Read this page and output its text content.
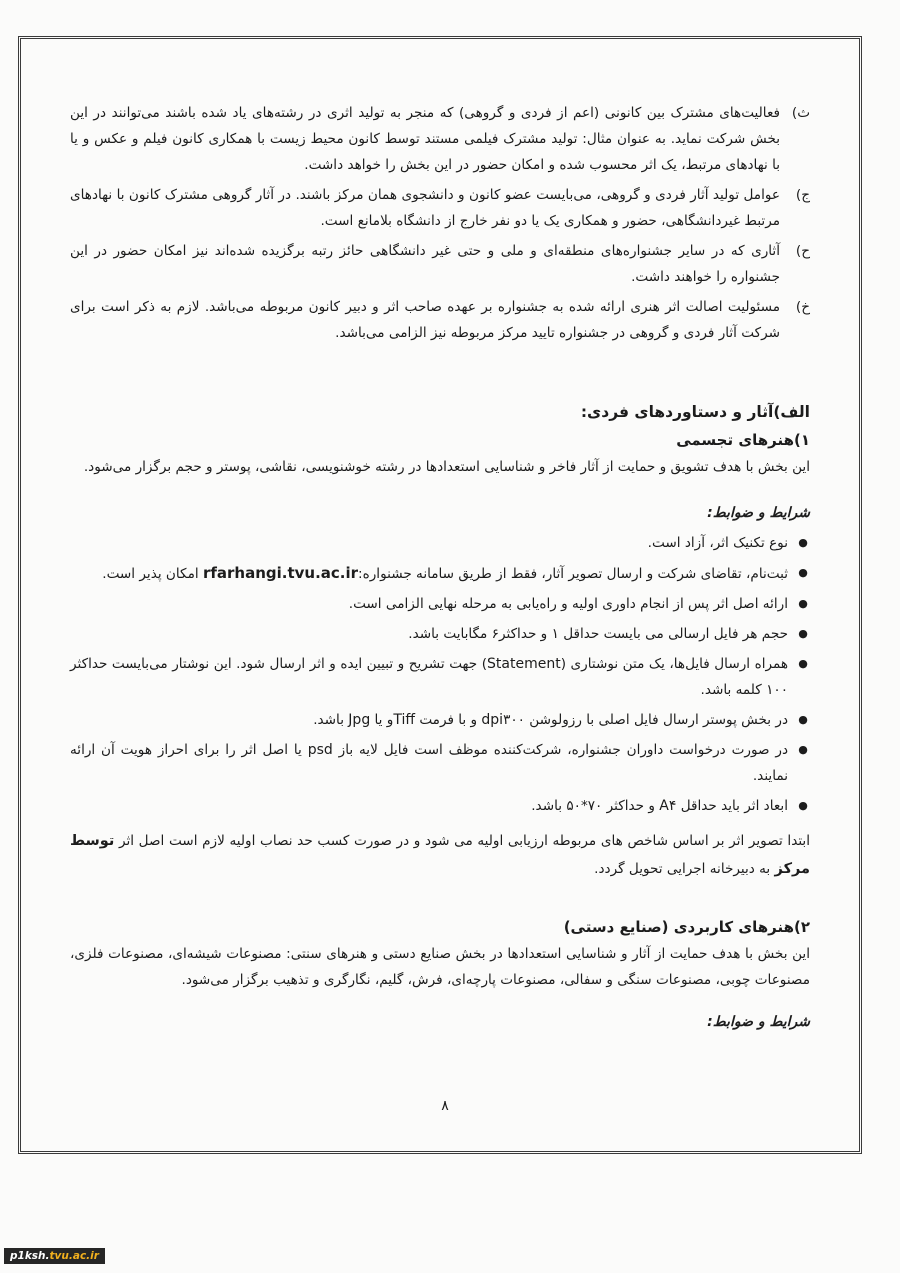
ث)
فعالیت‌های مشترک بین کانونی (اعم از فردی و گروهی) که منجر به تولید اثری در رشته‌های یاد شده باشند می‌توانند در این بخش شرکت نماید. به عنوان مثال: تولید مشترک فیلمی مستند توسط کانون محیط زیست با همکاری کانون فیلم و عکس و یا با نهادهای مرتبط، یک اثر محسوب شده و امکان حضور در این بخش را خواهد داشت.

ج)
عوامل تولید آثار فردی و گروهی، می‌بایست عضو کانون و دانشجوی همان مرکز باشند. در آثار گروهی مشترک کانون با نهادهای مرتبط غیردانشگاهی، حضور و همکاری یک یا دو نفر خارج از دانشگاه بلامانع است.

ح)
آثاری که در سایر جشنواره‌های منطقه‌ای و ملی و حتی غیر دانشگاهی حائز رتبه برگزیده شده‌اند نیز امکان حضور در این جشنواره را خواهند داشت.

خ)
مسئولیت اصالت اثر هنری ارائه شده به جشنواره بر عهده صاحب اثر و دبیر کانون مربوطه می‌باشد. لازم به ذکر است برای شرکت آثار فردی و گروهی در جشنواره تایید مرکز مربوطه نیز الزامی می‌باشد.

الف)آثار و دستاوردهای فردی:

۱)هنرهای تجسمی

این بخش با هدف تشویق و حمایت از آثار فاخر و شناسایی استعدادها در رشته خوشنویسی، نقاشی، پوستر و حجم برگزار می‌شود.

شرایط و ضوابط:

●
نوع تکنیک اثر، آزاد است.
●
ثبت‌نام، تقاضای شرکت و ارسال تصویر آثار، فقط از طریق سامانه جشنواره:rfarhangi.tvu.ac.ir امکان پذیر است.
●
ارائه اصل اثر پس از انجام داوری اولیه و راه‌یابی به مرحله نهایی الزامی است.
●
حجم هر فایل ارسالی می بایست حداقل ۱ و حداکثر۶ مگابایت باشد.
●
همراه ارسال فایل‌ها، یک متن نوشتاری (Statement) جهت تشریح و تبیین ایده و اثر ارسال شود. این نوشتار می‌بایست حداکثر ۱۰۰ کلمه باشد.
●
در بخش پوستر ارسال فایل اصلی با رزولوشن ۳۰۰dpi و با فرمت Tiffو یا Jpg باشد.
●
در صورت درخواست داوران جشنواره، شرکت‌کننده موظف است فایل لایه باز psd یا اصل اثر را برای احراز هویت آن ارائه نمایند.
●
ابعاد اثر باید حداقل A۴ و حداکثر ۷۰*۵۰ باشد.

ابتدا تصویر اثر بر اساس شاخص های مربوطه ارزیابی اولیه می شود و در صورت کسب حد نصاب اولیه لازم است اصل اثر توسط مرکز به دبیرخانه اجرایی تحویل گردد.

۲)هنرهای کاربردی (صنایع دستی)

این بخش با هدف حمایت از آثار و شناسایی استعدادها در بخش صنایع دستی و هنرهای سنتی: مصنوعات شیشه‌ای، مصنوعات فلزی، مصنوعات چوبی، مصنوعات سنگی و سفالی، مصنوعات پارچه‌ای، فرش، گلیم، نگارگری و تذهیب برگزار می‌شود.

شرایط و ضوابط:

۸
p1ksh.tvu.ac.ir
